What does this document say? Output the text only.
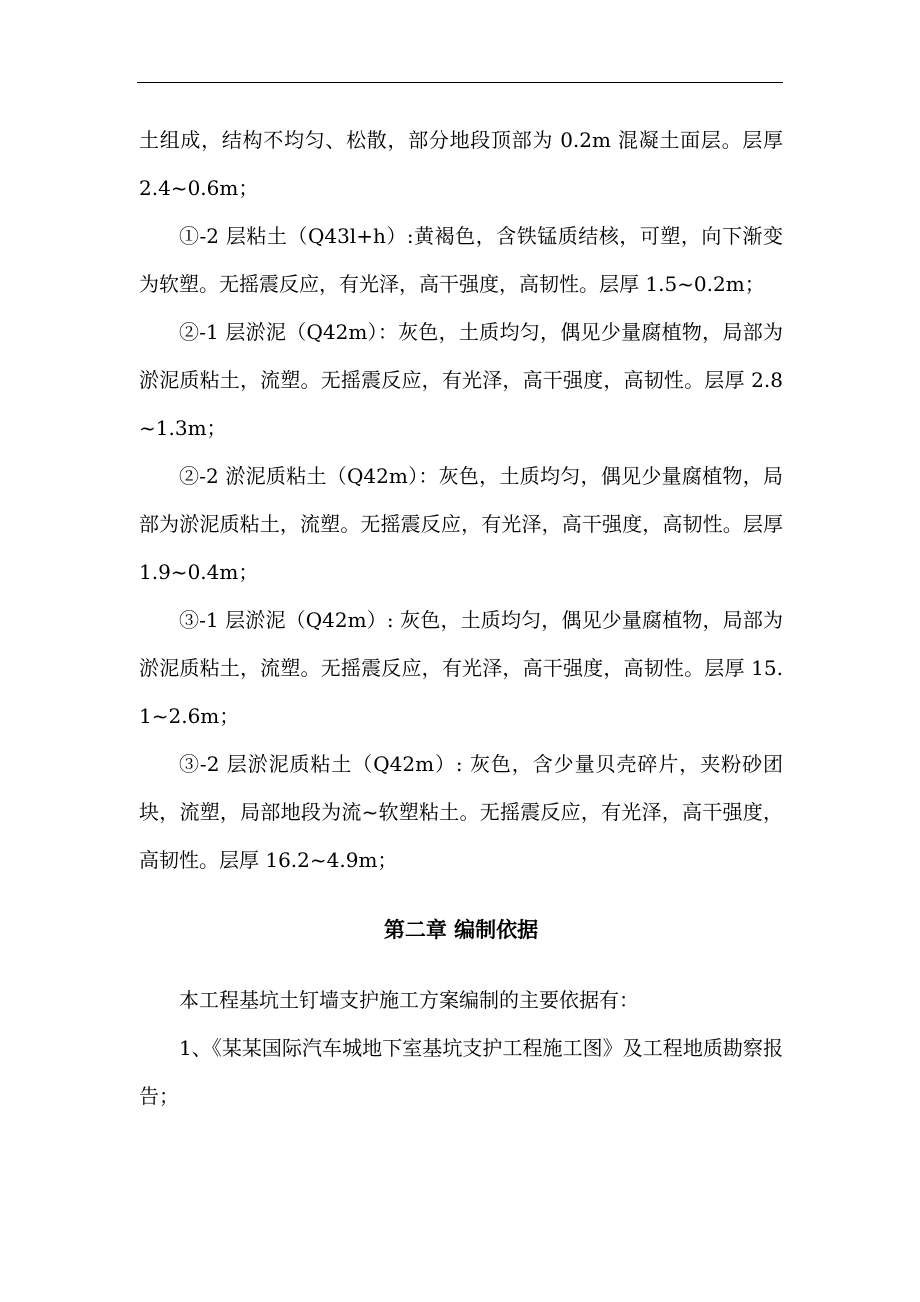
土组成，结构不均匀、松散，部分地段顶部为 0.2m 混凝土面层。层厚 2.4~0.6m；

①-2 层粘土（Q43l+h）:黄褐色，含铁锰质结核，可塑，向下渐变为软塑。无摇震反应，有光泽，高干强度，高韧性。层厚 1.5~0.2m；

②-1 层淤泥（Q42m）：灰色，土质均匀，偶见少量腐植物，局部为淤泥质粘土，流塑。无摇震反应，有光泽，高干强度，高韧性。层厚 2.8~1.3m；

②-2 淤泥质粘土（Q42m）：灰色，土质均匀，偶见少量腐植物，局部为淤泥质粘土，流塑。无摇震反应，有光泽，高干强度，高韧性。层厚 1.9~0.4m；

③-1 层淤泥（Q42m）: 灰色，土质均匀，偶见少量腐植物，局部为淤泥质粘土，流塑。无摇震反应，有光泽，高干强度，高韧性。层厚 15.1~2.6m；

③-2 层淤泥质粘土（Q42m）: 灰色，含少量贝壳碎片，夹粉砂团块，流塑，局部地段为流~软塑粘土。无摇震反应，有光泽，高干强度，高韧性。层厚 16.2~4.9m；

第二章 编制依据

本工程基坑土钉墙支护施工方案编制的主要依据有：

1、《某某国际汽车城地下室基坑支护工程施工图》及工程地质勘察报告；
